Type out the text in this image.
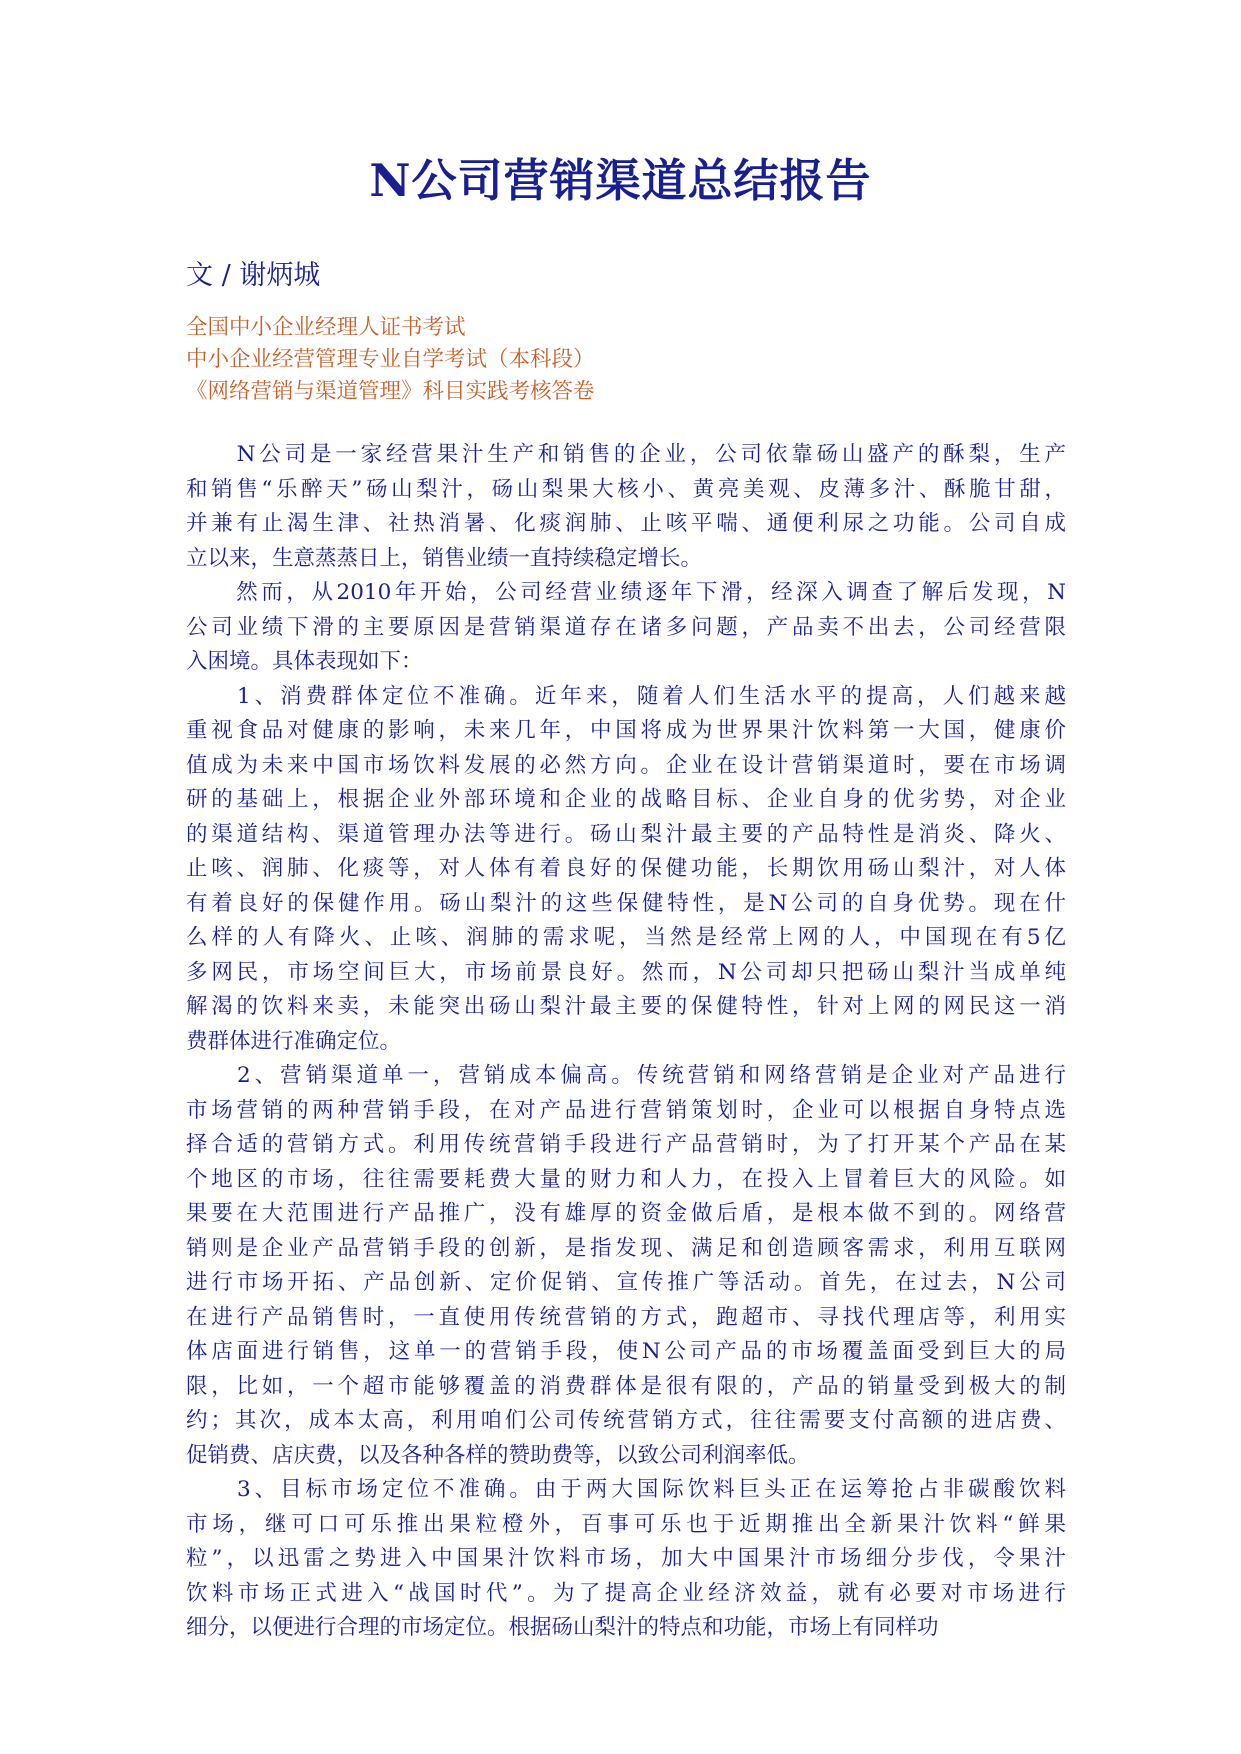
N公司营销渠道总结报告
文 / 谢炳城
全国中小企业经理人证书考试
中小企业经营管理专业自学考试（本科段）
《网络营销与渠道管理》科目实践考核答卷
　　N公司是一家经营果汁生产和销售的企业，公司依靠砀山盛产的酥梨，生产
和销售“乐醉天”砀山梨汁，砀山梨果大核小、黄亮美观、皮薄多汁、酥脆甘甜，
并兼有止渴生津、社热消暑、化痰润肺、止咳平喘、通便利尿之功能。公司自成
立以来，生意蒸蒸日上，销售业绩一直持续稳定增长。
　　然而，从2010年开始，公司经营业绩逐年下滑，经深入调查了解后发现，N
公司业绩下滑的主要原因是营销渠道存在诸多问题，产品卖不出去，公司经营限
入困境。具体表现如下：
　　1、消费群体定位不准确。近年来，随着人们生活水平的提高，人们越来越
重视食品对健康的影响，未来几年，中国将成为世界果汁饮料第一大国，健康价
值成为未来中国市场饮料发展的必然方向。企业在设计营销渠道时，要在市场调
研的基础上，根据企业外部环境和企业的战略目标、企业自身的优劣势，对企业
的渠道结构、渠道管理办法等进行。砀山梨汁最主要的产品特性是消炎、降火、
止咳、润肺、化痰等，对人体有着良好的保健功能，长期饮用砀山梨汁，对人体
有着良好的保健作用。砀山梨汁的这些保健特性，是N公司的自身优势。现在什
么样的人有降火、止咳、润肺的需求呢，当然是经常上网的人，中国现在有5亿
多网民，市场空间巨大，市场前景良好。然而，N公司却只把砀山梨汁当成单纯
解渴的饮料来卖，未能突出砀山梨汁最主要的保健特性，针对上网的网民这一消
费群体进行准确定位。
　　2、营销渠道单一，营销成本偏高。传统营销和网络营销是企业对产品进行
市场营销的两种营销手段，在对产品进行营销策划时，企业可以根据自身特点选
择合适的营销方式。利用传统营销手段进行产品营销时，为了打开某个产品在某
个地区的市场，往往需要耗费大量的财力和人力，在投入上冒着巨大的风险。如
果要在大范围进行产品推广，没有雄厚的资金做后盾，是根本做不到的。网络营
销则是企业产品营销手段的创新，是指发现、满足和创造顾客需求，利用互联网
进行市场开拓、产品创新、定价促销、宣传推广等活动。首先，在过去，N公司
在进行产品销售时，一直使用传统营销的方式，跑超市、寻找代理店等，利用实
体店面进行销售，这单一的营销手段，使N公司产品的市场覆盖面受到巨大的局
限，比如，一个超市能够覆盖的消费群体是很有限的，产品的销量受到极大的制
约；其次，成本太高，利用咱们公司传统营销方式，往往需要支付高额的进店费、
促销费、店庆费，以及各种各样的赞助费等，以致公司利润率低。
　　3、目标市场定位不准确。由于两大国际饮料巨头正在运筹抢占非碳酸饮料
市场，继可口可乐推出果粒橙外，百事可乐也于近期推出全新果汁饮料“鲜果
粒”，以迅雷之势进入中国果汁饮料市场，加大中国果汁市场细分步伐，令果汁
饮料市场正式进入“战国时代”。为了提高企业经济效益，就有必要对市场进行
细分，以便进行合理的市场定位。根据砀山梨汁的特点和功能，市场上有同样功
